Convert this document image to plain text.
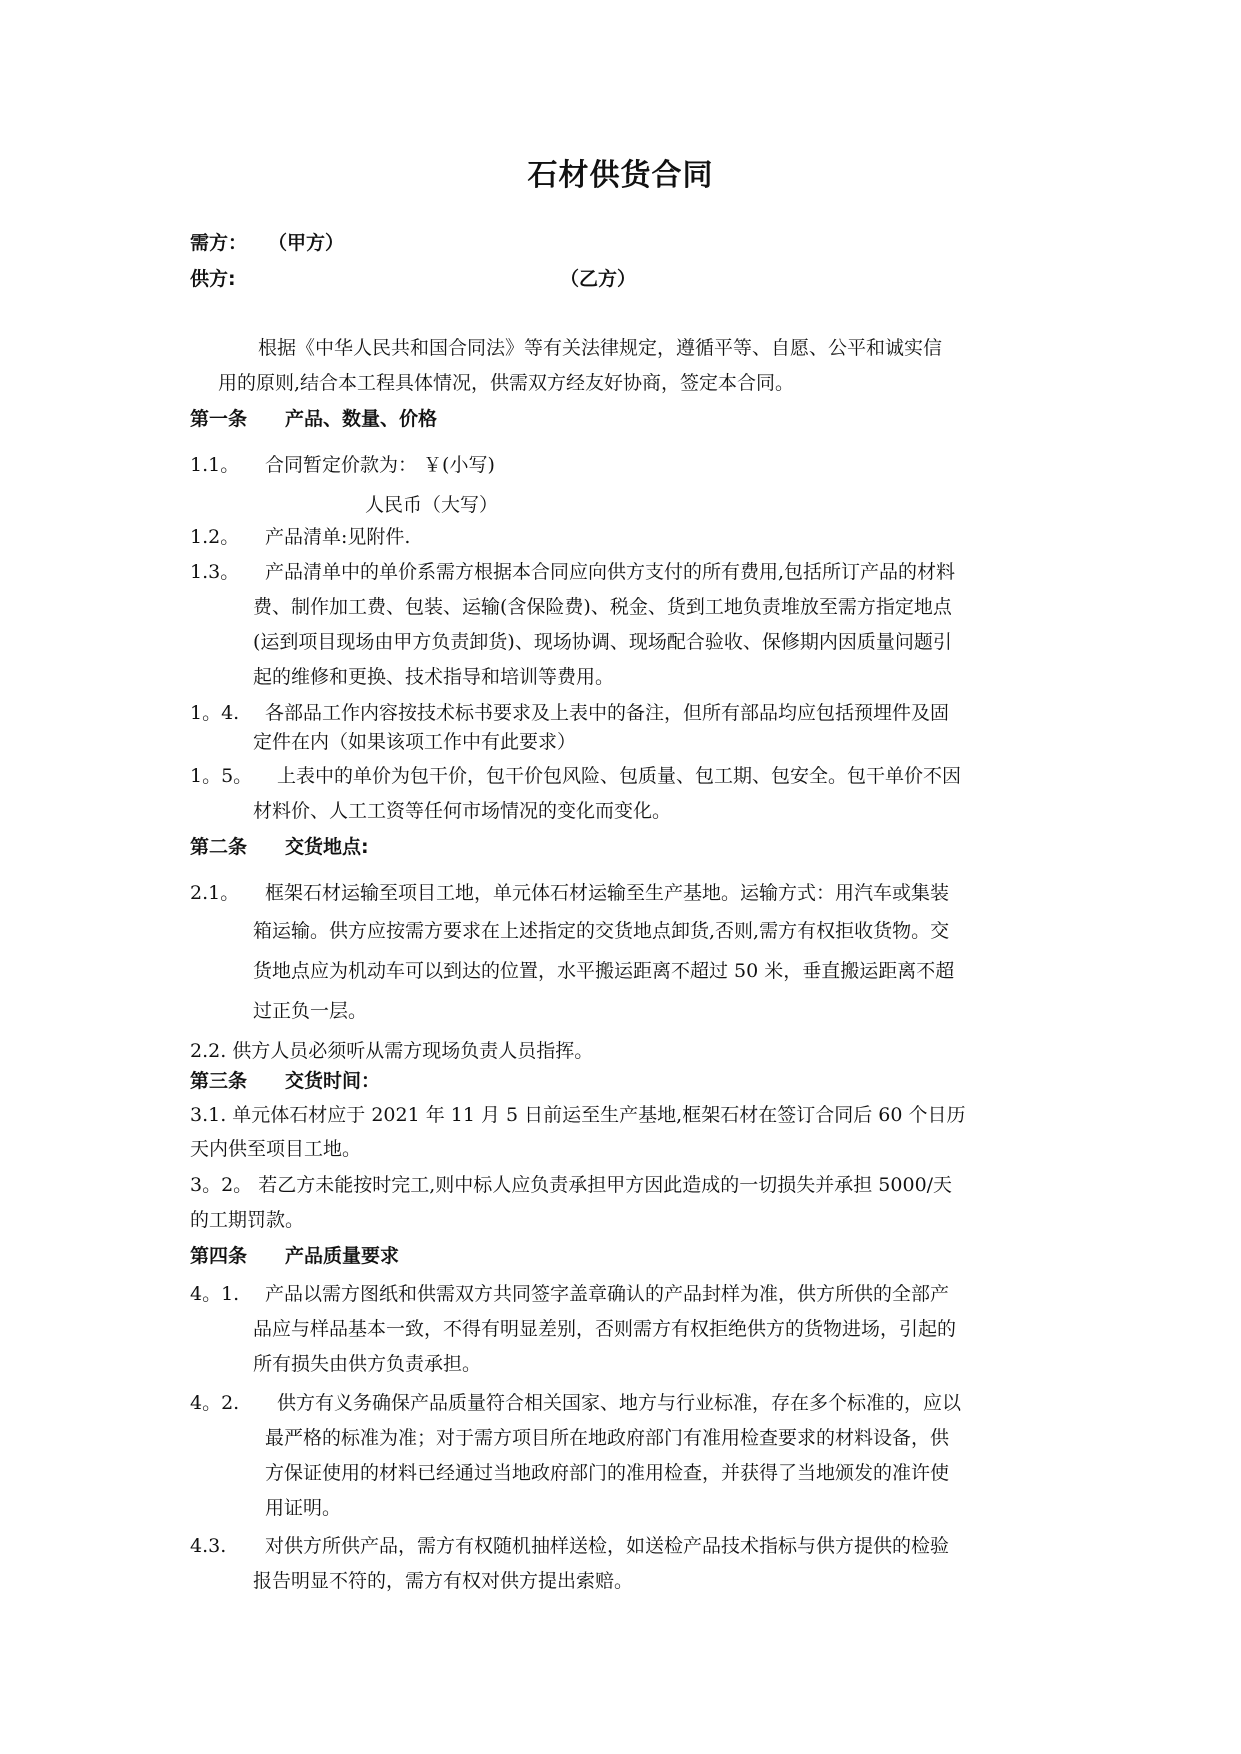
石材供货合同
需方： （甲方）
供方:	（乙方）
根据《中华人民共和国合同法》等有关法律规定，遵循平等、自愿、公平和诚实信
用的原则,结合本工程具体情况，供需双方经友好协商，签定本合同。
第一条 产品、数量、价格
1.1。 合同暂定价款为： ￥(小写)
人民币（大写）
1.2。 产品清单:见附件.
1.3。 产品清单中的单价系需方根据本合同应向供方支付的所有费用,包括所订产品的材料
费、制作加工费、包装、运输(含保险费)、税金、货到工地负责堆放至需方指定地点
(运到项目现场由甲方负责卸货)、现场协调、现场配合验收、保修期内因质量问题引
起的维修和更换、技术指导和培训等费用。
1。4. 各部品工作内容按技术标书要求及上表中的备注，但所有部品均应包括预埋件及固
定件在内（如果该项工作中有此要求）
1。5。 上表中的单价为包干价，包干价包风险、包质量、包工期、包安全。包干单价不因
材料价、人工工资等任何市场情况的变化而变化。
第二条 交货地点:
2.1。 框架石材运输至项目工地，单元体石材运输至生产基地。运输方式：用汽车或集装
箱运输。供方应按需方要求在上述指定的交货地点卸货,否则,需方有权拒收货物。交
货地点应为机动车可以到达的位置，水平搬运距离不超过 50 米，垂直搬运距离不超
过正负一层。
2.2. 供方人员必须听从需方现场负责人员指挥。
第三条 交货时间：
3.1. 单元体石材应于 2021 年 11 月 5 日前运至生产基地,框架石材在签订合同后 60 个日历
天内供至项目工地。
3。2。 若乙方未能按时完工,则中标人应负责承担甲方因此造成的一切损失并承担 5000/天
的工期罚款。
第四条 产品质量要求
4。1. 产品以需方图纸和供需双方共同签字盖章确认的产品封样为准，供方所供的全部产
品应与样品基本一致，不得有明显差别，否则需方有权拒绝供方的货物进场，引起的
所有损失由供方负责承担。
4。2. 供方有义务确保产品质量符合相关国家、地方与行业标准，存在多个标准的，应以
最严格的标准为准；对于需方项目所在地政府部门有准用检查要求的材料设备，供
方保证使用的材料已经通过当地政府部门的准用检查，并获得了当地颁发的准许使
用证明。
4.3. 对供方所供产品，需方有权随机抽样送检，如送检产品技术指标与供方提供的检验
报告明显不符的，需方有权对供方提出索赔。
